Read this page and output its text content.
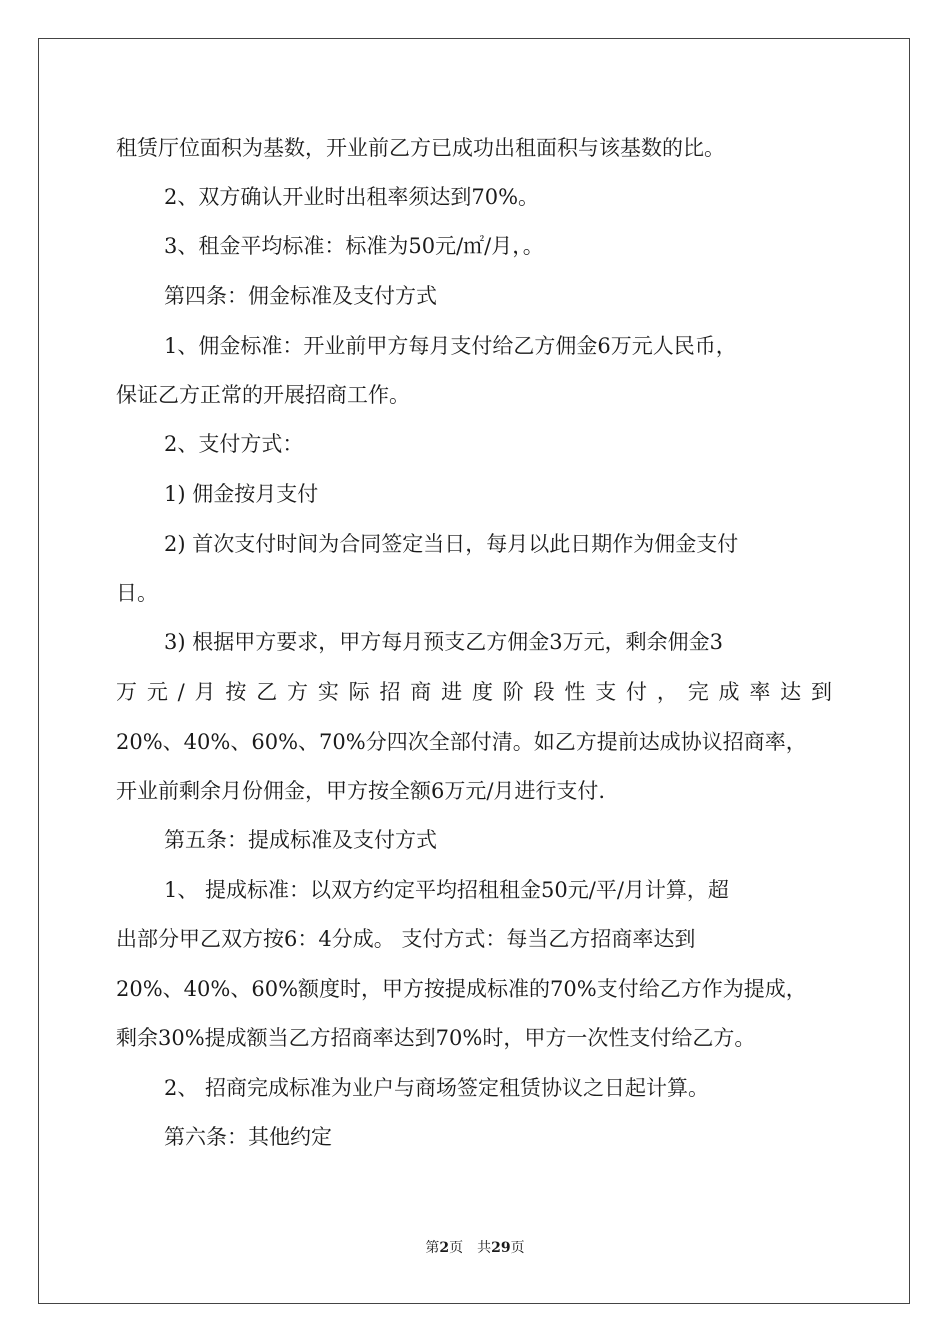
租赁厅位面积为基数，开业前乙方已成功出租面积与该基数的比。
2、双方确认开业时出租率须达到70%。
3、租金平均标准：标准为50元/㎡/月，。
第四条：佣金标准及支付方式
1、佣金标准：开业前甲方每月支付给乙方佣金6万元人民币，
保证乙方正常的开展招商工作。
2、支付方式：
1) 佣金按月支付
2) 首次支付时间为合同签定当日，每月以此日期作为佣金支付
日。
3) 根据甲方要求，甲方每月预支乙方佣金3万元，剩余佣金3
万元/月按乙方实际招商进度阶段性支付，完成率达到
20%、40%、60%、70%分四次全部付清。如乙方提前达成协议招商率，
开业前剩余月份佣金，甲方按全额6万元/月进行支付.
第五条：提成标准及支付方式
1、 提成标准：以双方约定平均招租租金50元/平/月计算，超
出部分甲乙双方按6：4分成。 支付方式：每当乙方招商率达到
20%、40%、60%额度时，甲方按提成标准的70%支付给乙方作为提成，
剩余30%提成额当乙方招商率达到70%时，甲方一次性支付给乙方。
2、 招商完成标准为业户与商场签定租赁协议之日起计算。
第六条：其他约定
第2页 共29页
